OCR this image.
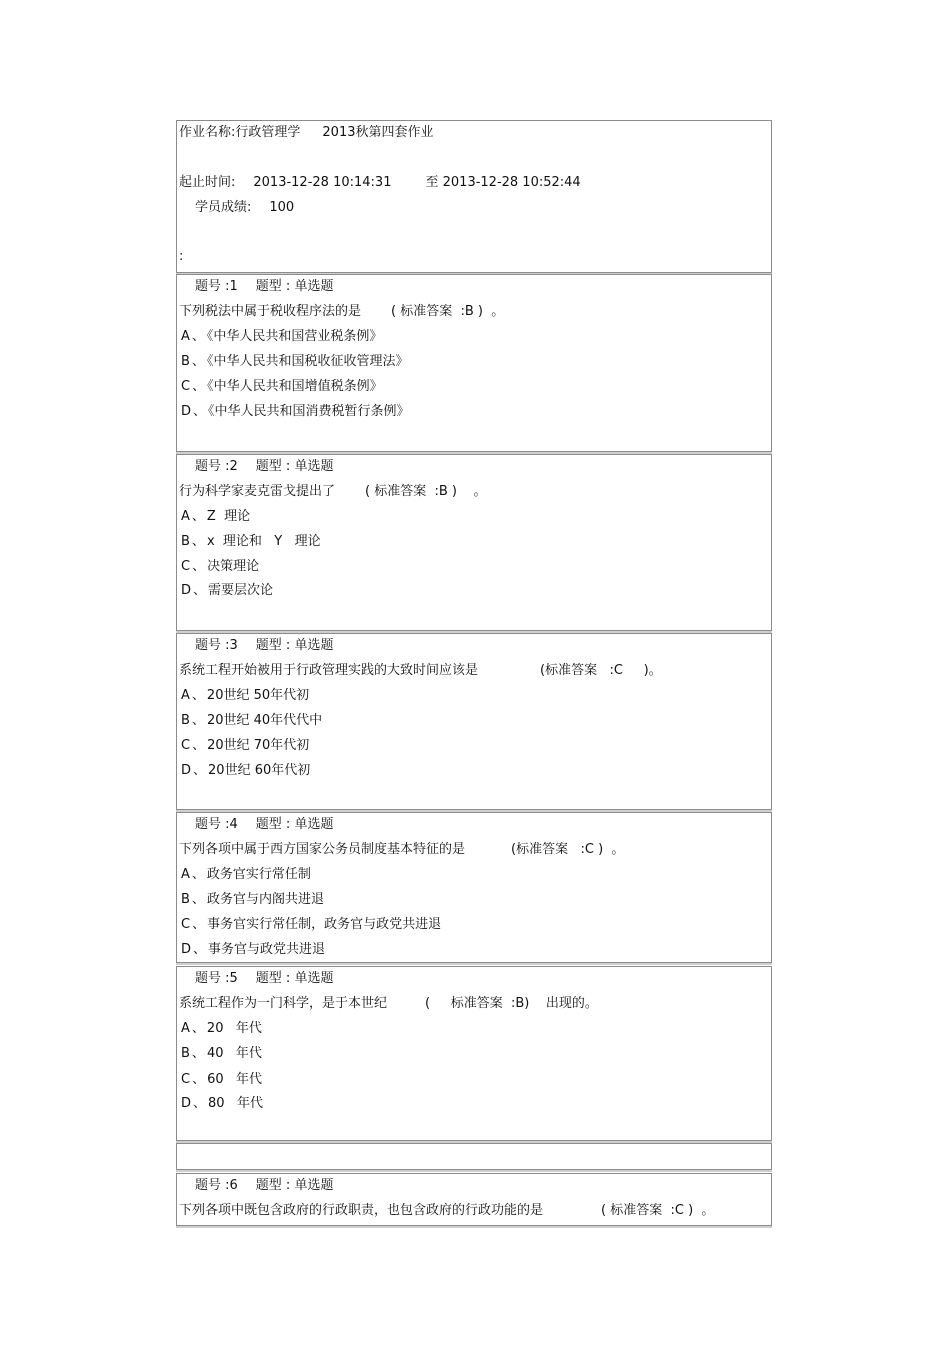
作业名称:行政管理学 2013秋第四套作业
起止时间: 2013-12-28 10:14:31	至 2013-12-28 10:52:44
学员成绩: 100
:
题号 :1 题型 : 单选题
下列税法中属于税收程序法的是 ( 标准答案  :B )  。
A 、 《中华人民共和国营业税条例》
B 、 《中华人民共和国税收征收管理法》
C 、 《中华人民共和国增值税条例》
D 、 《中华人民共和国消费税暂行条例》
题号 :2 题型 : 单选题
行为科学家麦克雷戈提出了 ( 标准答案  :B )    。
A 、 Z  理论
B 、 x  理论和   Y   理论
C 、 决策理论
D 、 需要层次论
题号 :3 题型 : 单选题
系统工程开始被用于行政管理实践的大致时间应该是	(标准答案   :C     )。
A 、 20世纪 50年代初
B 、 20世纪 40年代代中
C 、 20世纪 70年代初
D 、 20世纪 60年代初
题号 :4 题型 : 单选题
下列各项中属于西方国家公务员制度基本特征的是	(标准答案   :C )  。
A 、 政务官实行常任制
B 、 政务官与内阁共进退
C 、 事务官实行常任制，政务官与政党共进退
D 、 事务官与政党共进退
题号 :5 题型 : 单选题
系统工程作为一门科学，是于本世纪	(     标准答案  :B)    出现的。
A 、 20   年代
B 、 40   年代
C 、 60   年代
D 、 80   年代
题号 :6 题型 : 单选题
下列各项中既包含政府的行政职责，也包含政府的行政功能的是	( 标准答案  :C )  。
